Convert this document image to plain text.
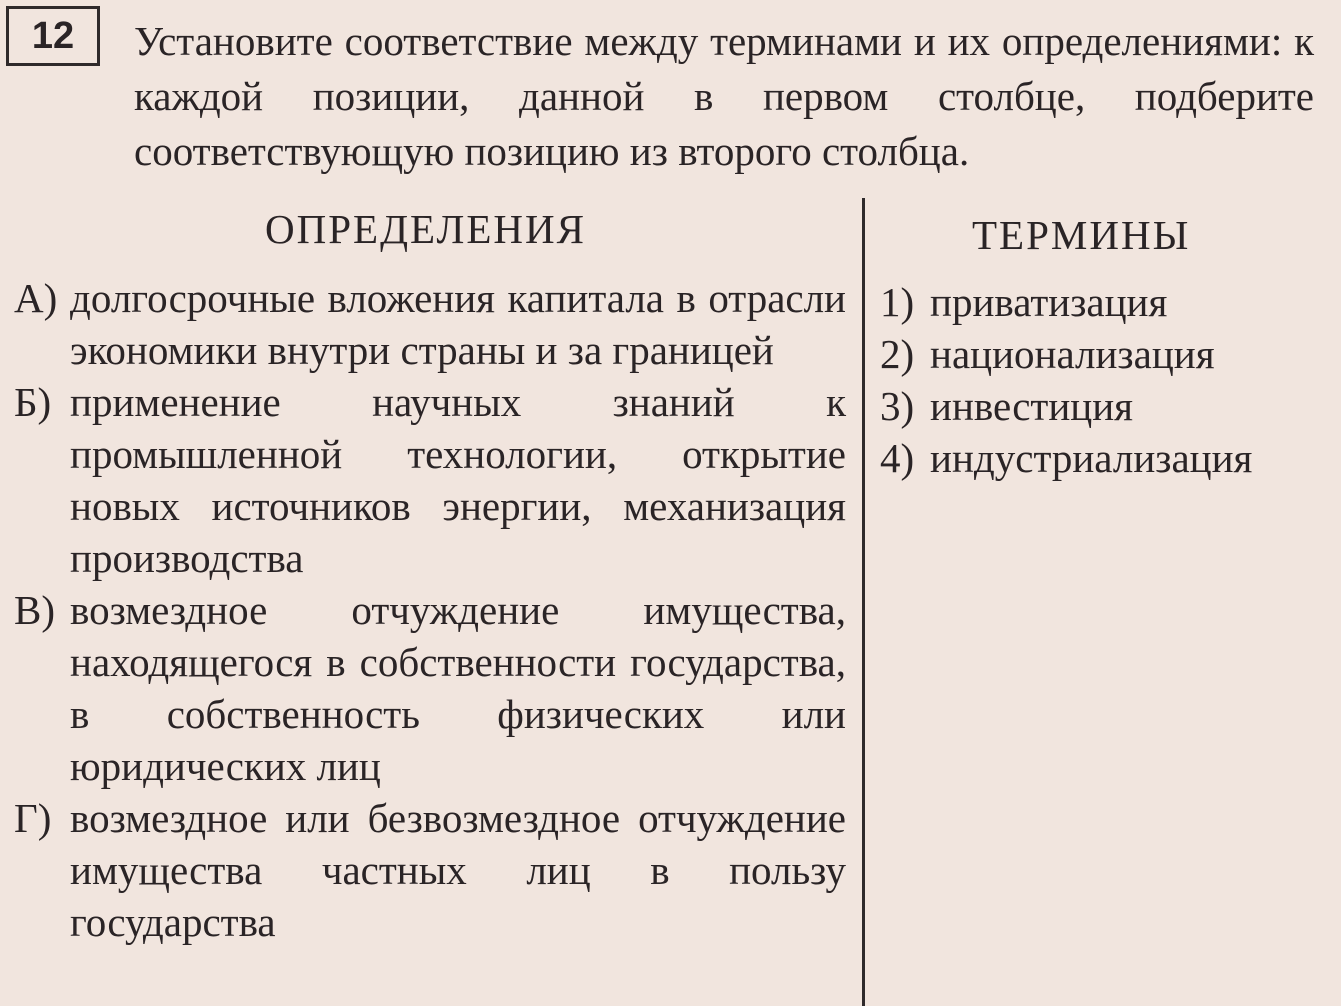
12	Установите соответствие между терминами и их определениями: к каждой позиции, данной в первом столбце, подберите соответствующую позицию из второго столбца.

ОПРЕДЕЛЕНИЯ	ТЕРМИНЫ

А) долгосрочные вложения капитала в отрасли экономики внутри страны и за границей
Б) применение научных знаний к промышленной технологии, открытие новых источников энергии, механизация производства
В) возмездное отчуждение имущества, находящегося в собственности государства, в собственность физических или юридических лиц
Г) возмездное или безвозмездное отчуждение имущества частных лиц в пользу государства
1) приватизация
2) национализация
3) инвестиция
4) индустриализация
